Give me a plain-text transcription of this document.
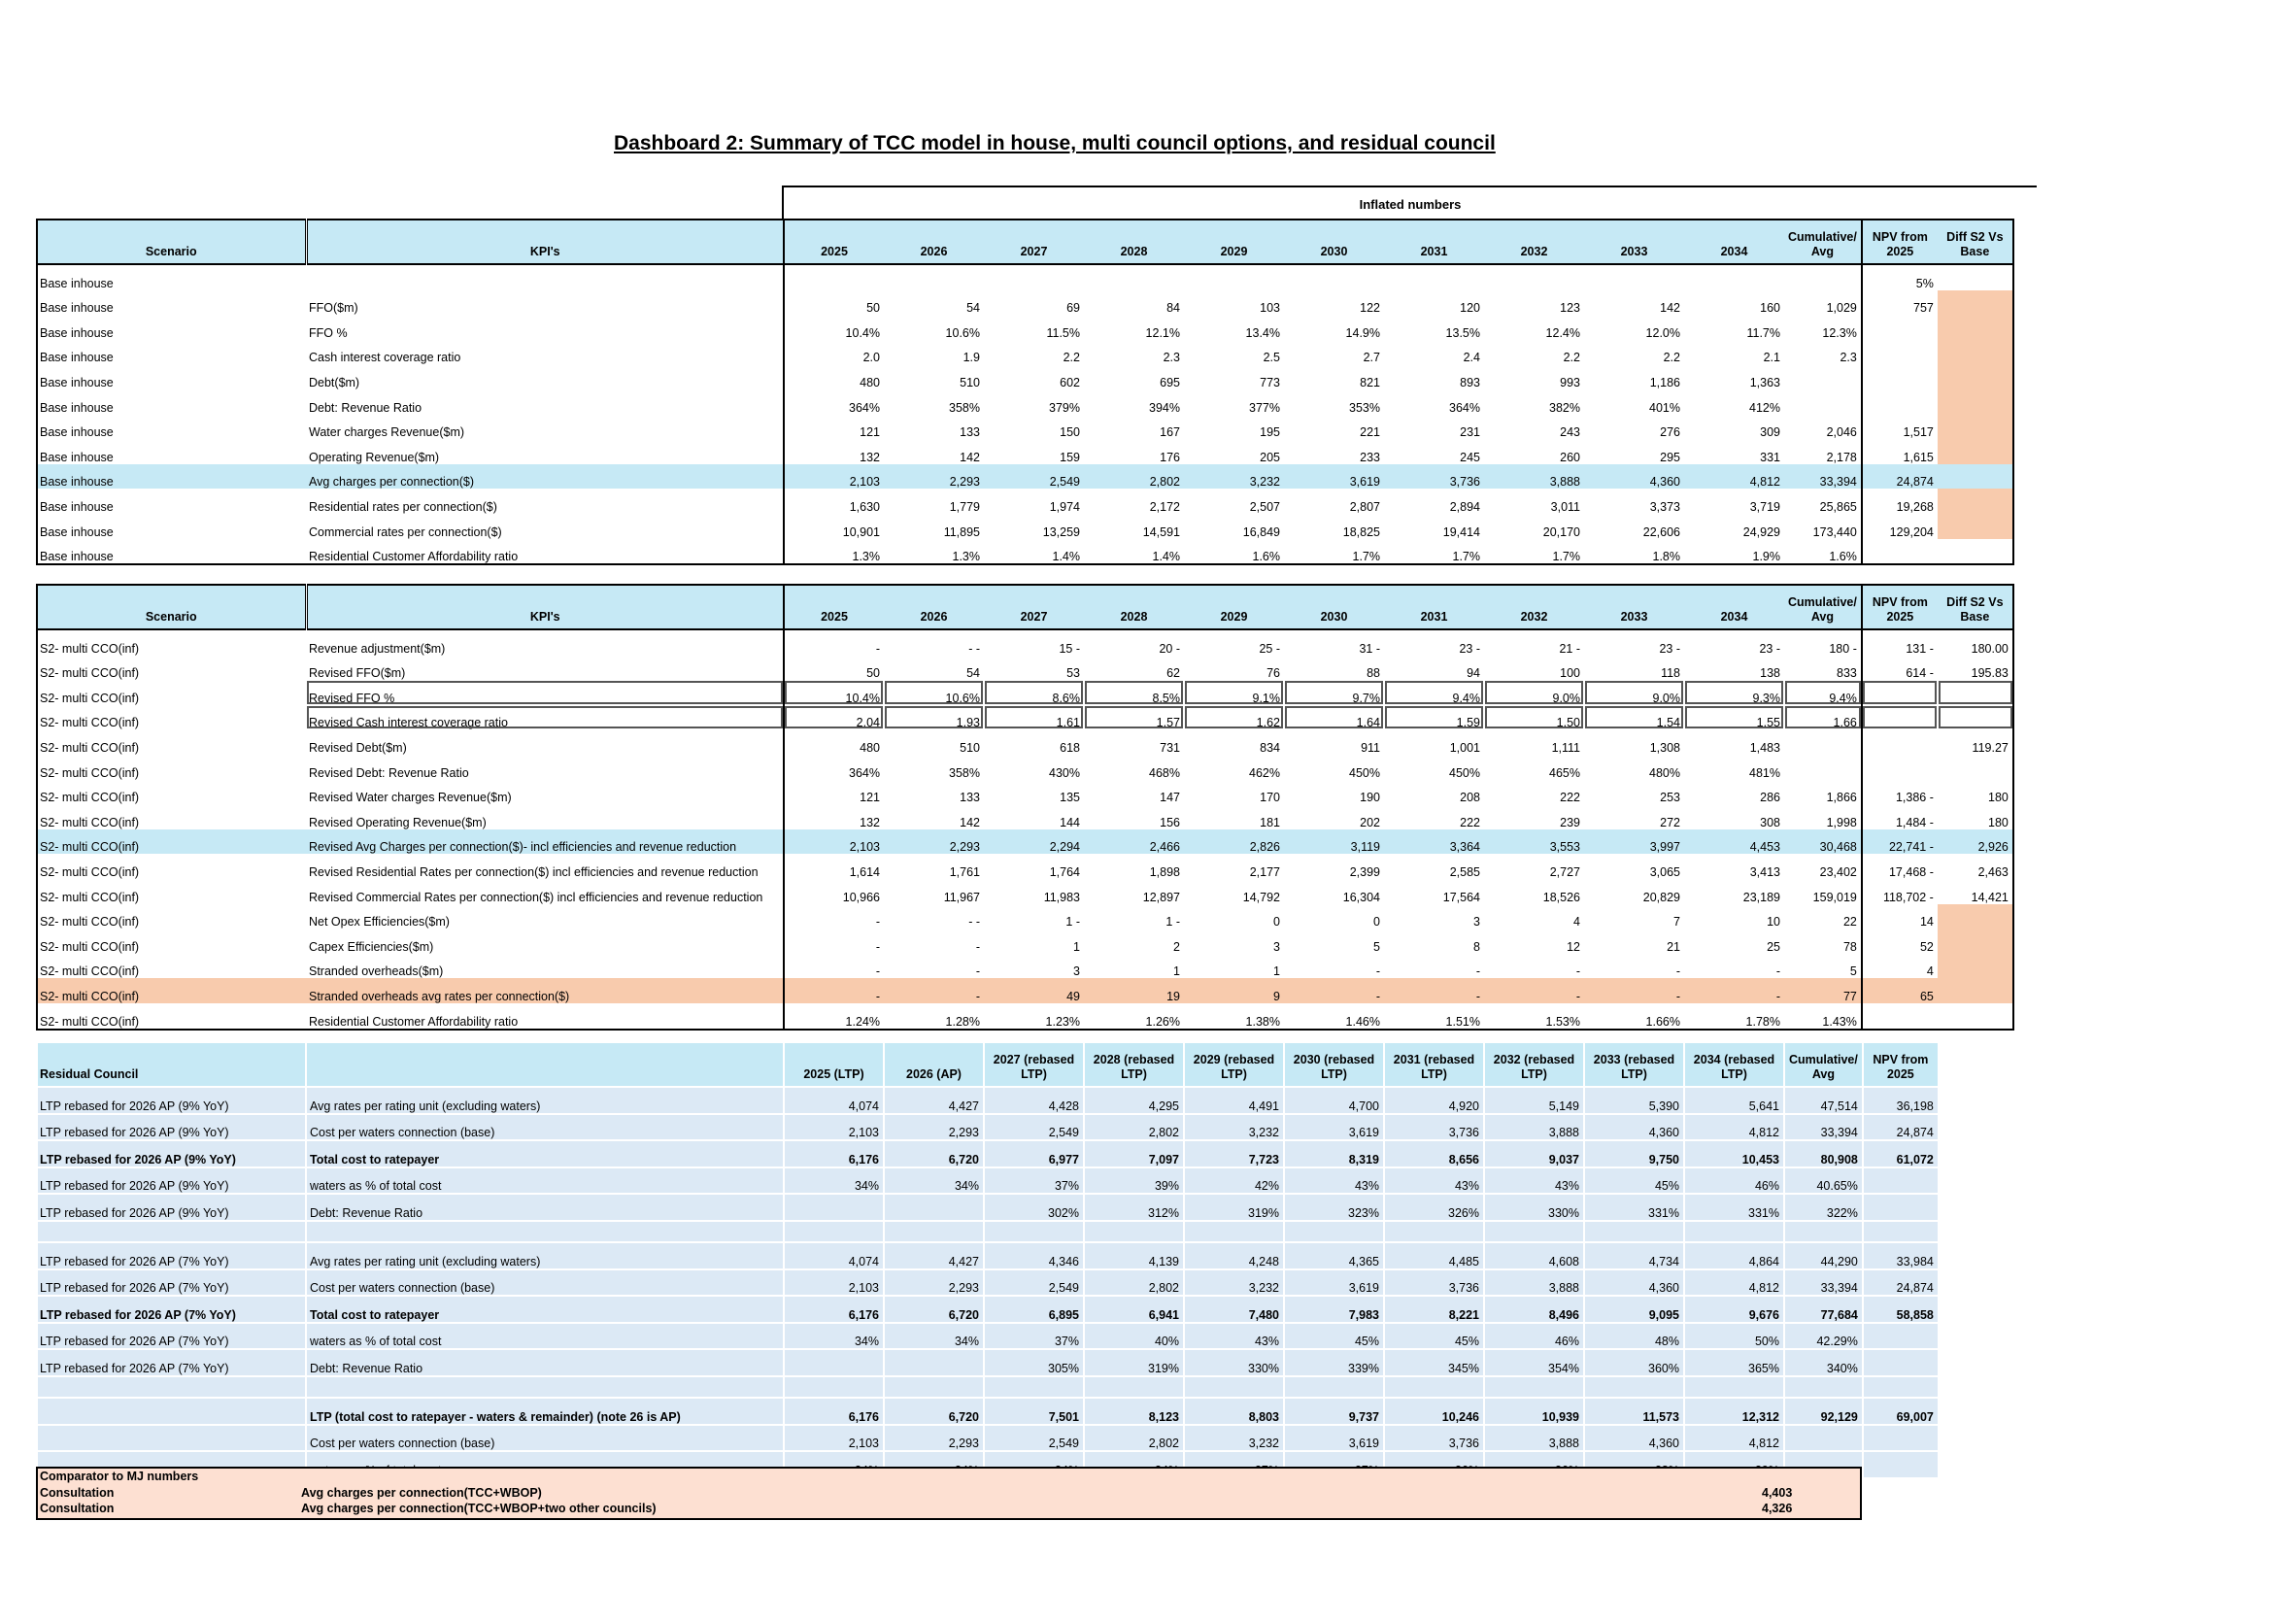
Dashboard 2: Summary of TCC model in house, multi council options, and residual council
Inflated numbers
Scenario	KPI's	2025	2026	2027	2028	2029	2030	2031	2032	2033	2034	Cumulative/ Avg	NPV from 2025	Diff S2 Vs Base
Base inhouse													5%	
Base inhouse	FFO($m)	50	54	69	84	103	122	120	123	142	160	1,029	757	
Base inhouse	FFO %	10.4%	10.6%	11.5%	12.1%	13.4%	14.9%	13.5%	12.4%	12.0%	11.7%	12.3%		
Base inhouse	Cash interest coverage ratio	2.0	1.9	2.2	2.3	2.5	2.7	2.4	2.2	2.2	2.1	2.3		
Base inhouse	Debt($m)	480	510	602	695	773	821	893	993	1,186	1,363			
Base inhouse	Debt: Revenue Ratio	364%	358%	379%	394%	377%	353%	364%	382%	401%	412%			
Base inhouse	Water charges Revenue($m)	121	133	150	167	195	221	231	243	276	309	2,046	1,517	
Base inhouse	Operating Revenue($m)	132	142	159	176	205	233	245	260	295	331	2,178	1,615	
Base inhouse	Avg charges per connection($)	2,103	2,293	2,549	2,802	3,232	3,619	3,736	3,888	4,360	4,812	33,394	24,874	
Base inhouse	Residential rates per connection($)	1,630	1,779	1,974	2,172	2,507	2,807	2,894	3,011	3,373	3,719	25,865	19,268	
Base inhouse	Commercial rates per connection($)	10,901	11,895	13,259	14,591	16,849	18,825	19,414	20,170	22,606	24,929	173,440	129,204	
Base inhouse	Residential Customer Affordability ratio	1.3%	1.3%	1.4%	1.4%	1.6%	1.7%	1.7%	1.7%	1.8%	1.9%	1.6%		
Scenario	KPI's	2025	2026	2027	2028	2029	2030	2031	2032	2033	2034	Cumulative/ Avg	NPV from 2025	Diff S2 Vs Base
S2- multi CCO(inf)	Revenue adjustment($m)	-	- -	15 -	20 -	25 -	31 -	23 -	21 -	23 -	23 -	180 -	131 -	180.00
S2- multi CCO(inf)	Revised FFO($m)	50	54	53	62	76	88	94	100	118	138	833	614 -	195.83
S2- multi CCO(inf)	Revised FFO %	10.4%	10.6%	8.6%	8.5%	9.1%	9.7%	9.4%	9.0%	9.0%	9.3%	9.4%		
S2- multi CCO(inf)	Revised Cash interest coverage ratio	2.04	1.93	1.61	1.57	1.62	1.64	1.59	1.50	1.54	1.55	1.66		
S2- multi CCO(inf)	Revised Debt($m)	480	510	618	731	834	911	1,001	1,111	1,308	1,483			119.27
S2- multi CCO(inf)	Revised Debt: Revenue Ratio	364%	358%	430%	468%	462%	450%	450%	465%	480%	481%			
S2- multi CCO(inf)	Revised Water charges Revenue($m)	121	133	135	147	170	190	208	222	253	286	1,866	1,386 -	180
S2- multi CCO(inf)	Revised Operating Revenue($m)	132	142	144	156	181	202	222	239	272	308	1,998	1,484 -	180
S2- multi CCO(inf)	Revised Avg Charges per connection($)- incl efficiencies and revenue reduction	2,103	2,293	2,294	2,466	2,826	3,119	3,364	3,553	3,997	4,453	30,468	22,741 -	2,926
S2- multi CCO(inf)	Revised Residential Rates per connection($) incl efficiencies and revenue reduction	1,614	1,761	1,764	1,898	2,177	2,399	2,585	2,727	3,065	3,413	23,402	17,468 -	2,463
S2- multi CCO(inf)	Revised Commercial Rates per connection($) incl efficiencies and revenue reduction	10,966	11,967	11,983	12,897	14,792	16,304	17,564	18,526	20,829	23,189	159,019	118,702 -	14,421
S2- multi CCO(inf)	Net Opex Efficiencies($m)	-	- -	1 -	1 -	0	0	3	4	7	10	22	14	
S2- multi CCO(inf)	Capex Efficiencies($m)	-	-	1	2	3	5	8	12	21	25	78	52	
S2- multi CCO(inf)	Stranded overheads($m)	-	-	3	1	1	-	-	-	-	-	5	4	
S2- multi CCO(inf)	Stranded overheads avg rates per connection($)	-	-	49	19	9	-	-	-	-	-	77	65	
S2- multi CCO(inf)	Residential Customer Affordability ratio	1.24%	1.28%	1.23%	1.26%	1.38%	1.46%	1.51%	1.53%	1.66%	1.78%	1.43%		
Residual Council		2025 (LTP)	2026 (AP)	2027 (rebased LTP)	2028 (rebased LTP)	2029 (rebased LTP)	2030 (rebased LTP)	2031 (rebased LTP)	2032 (rebased LTP)	2033 (rebased LTP)	2034 (rebased LTP)	Cumulative/ Avg	NPV from 2025
LTP rebased for 2026 AP (9% YoY)	Avg rates per rating unit (excluding waters)	4,074	4,427	4,428	4,295	4,491	4,700	4,920	5,149	5,390	5,641	47,514	36,198
LTP rebased for 2026 AP (9% YoY)	Cost per waters connection (base)	2,103	2,293	2,549	2,802	3,232	3,619	3,736	3,888	4,360	4,812	33,394	24,874
LTP rebased for 2026 AP (9% YoY)	Total cost to ratepayer	6,176	6,720	6,977	7,097	7,723	8,319	8,656	9,037	9,750	10,453	80,908	61,072
LTP rebased for 2026 AP (9% YoY)	waters as % of total cost	34%	34%	37%	39%	42%	43%	43%	43%	45%	46%	40.65%	
LTP rebased for 2026 AP (9% YoY)	Debt: Revenue Ratio			302%	312%	319%	323%	326%	330%	331%	331%	322%	

LTP rebased for 2026 AP (7% YoY)	Avg rates per rating unit (excluding waters)	4,074	4,427	4,346	4,139	4,248	4,365	4,485	4,608	4,734	4,864	44,290	33,984
LTP rebased for 2026 AP (7% YoY)	Cost per waters connection (base)	2,103	2,293	2,549	2,802	3,232	3,619	3,736	3,888	4,360	4,812	33,394	24,874
LTP rebased for 2026 AP (7% YoY)	Total cost to ratepayer	6,176	6,720	6,895	6,941	7,480	7,983	8,221	8,496	9,095	9,676	77,684	58,858
LTP rebased for 2026 AP (7% YoY)	waters as % of total cost	34%	34%	37%	40%	43%	45%	45%	46%	48%	50%	42.29%	
LTP rebased for 2026 AP (7% YoY)	Debt: Revenue Ratio			305%	319%	330%	339%	345%	354%	360%	365%	340%	

	LTP (total cost to ratepayer - waters & remainder) (note 26 is AP)	6,176	6,720	7,501	8,123	8,803	9,737	10,246	10,939	11,573	12,312	92,129	69,007
	Cost per waters connection (base)	2,103	2,293	2,549	2,802	3,232	3,619	3,736	3,888	4,360	4,812		

Comparator to MJ numbers
Consultation	Avg charges per connection(TCC+WBOP)	4,403
Consultation	Avg charges per connection(TCC+WBOP+two other councils)	4,326
